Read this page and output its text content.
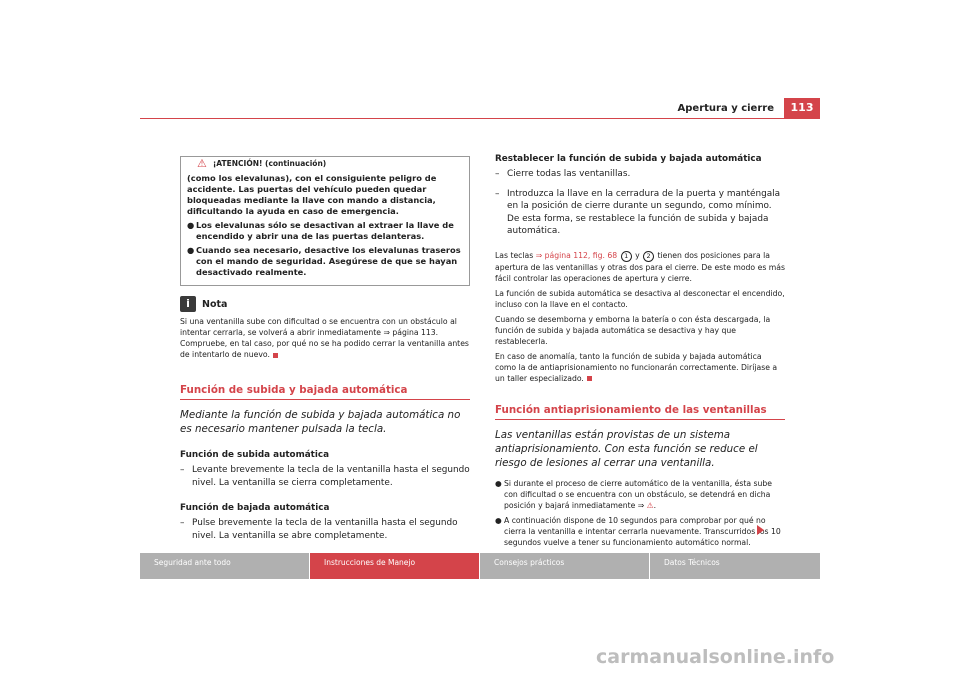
Apertura y cierre	113
⚠ ¡ATENCIÓN! (continuación)

(como los elevalunas), con el consiguiente peligro de accidente. Las puertas del vehículo pueden quedar bloqueadas mediante la llave con mando a distancia, dificultando la ayuda en caso de emergencia.

● Los elevalunas sólo se desactivan al extraer la llave de encendido y abrir una de las puertas delanteras.

● Cuando sea necesario, desactive los elevalunas traseros con el mando de seguridad. Asegúrese de que se hayan desactivado realmente.

i	Nota

Si una ventanilla sube con dificultad o se encuentra con un obstáculo al intentar cerrarla, se volverá a abrir inmediatamente ⇒ página 113. Compruebe, en tal caso, por qué no se ha podido cerrar la ventanilla antes de intentarlo de nuevo.

Función de subida y bajada automática

Mediante la función de subida y bajada automática no es necesario mantener pulsada la tecla.

Función de subida automática

– Levante brevemente la tecla de la ventanilla hasta el segundo nivel. La ventanilla se cierra completamente.

Función de bajada automática

– Pulse brevemente la tecla de la ventanilla hasta el segundo nivel. La ventanilla se abre completamente.

Restablecer la función de subida y bajada automática

– Cierre todas las ventanillas.

– Introduzca la llave en la cerradura de la puerta y manténgala en la posición de cierre durante un segundo, como mínimo. De esta forma, se restablece la función de subida y bajada automática.

Las teclas ⇒ página 112, fig. 68 1 y 2 tienen dos posiciones para la apertura de las ventanillas y otras dos para el cierre. De este modo es más fácil controlar las operaciones de apertura y cierre.

La función de subida automática se desactiva al desconectar el encendido, incluso con la llave en el contacto.

Cuando se desemborna y emborna la batería o con ésta descargada, la función de subida y bajada automática se desactiva y hay que restablecerla.

En caso de anomalía, tanto la función de subida y bajada automática como la de antiaprisionamiento no funcionarán correctamente. Diríjase a un taller especializado.

Función antiaprisionamiento de las ventanillas

Las ventanillas están provistas de un sistema antiaprisionamiento. Con esta función se reduce el riesgo de lesiones al cerrar una ventanilla.

● Si durante el proceso de cierre automático de la ventanilla, ésta sube con dificultad o se encuentra con un obstáculo, se detendrá en dicha posición y bajará inmediatamente ⇒ ⚠.

● A continuación dispone de 10 segundos para comprobar por qué no cierra la ventanilla e intentar cerrarla nuevamente. Transcurridos los 10 segundos vuelve a tener su funcionamiento automático normal.

Seguridad ante todo	Instrucciones de Manejo	Consejos prácticos	Datos Técnicos
carmanualsonline.info
